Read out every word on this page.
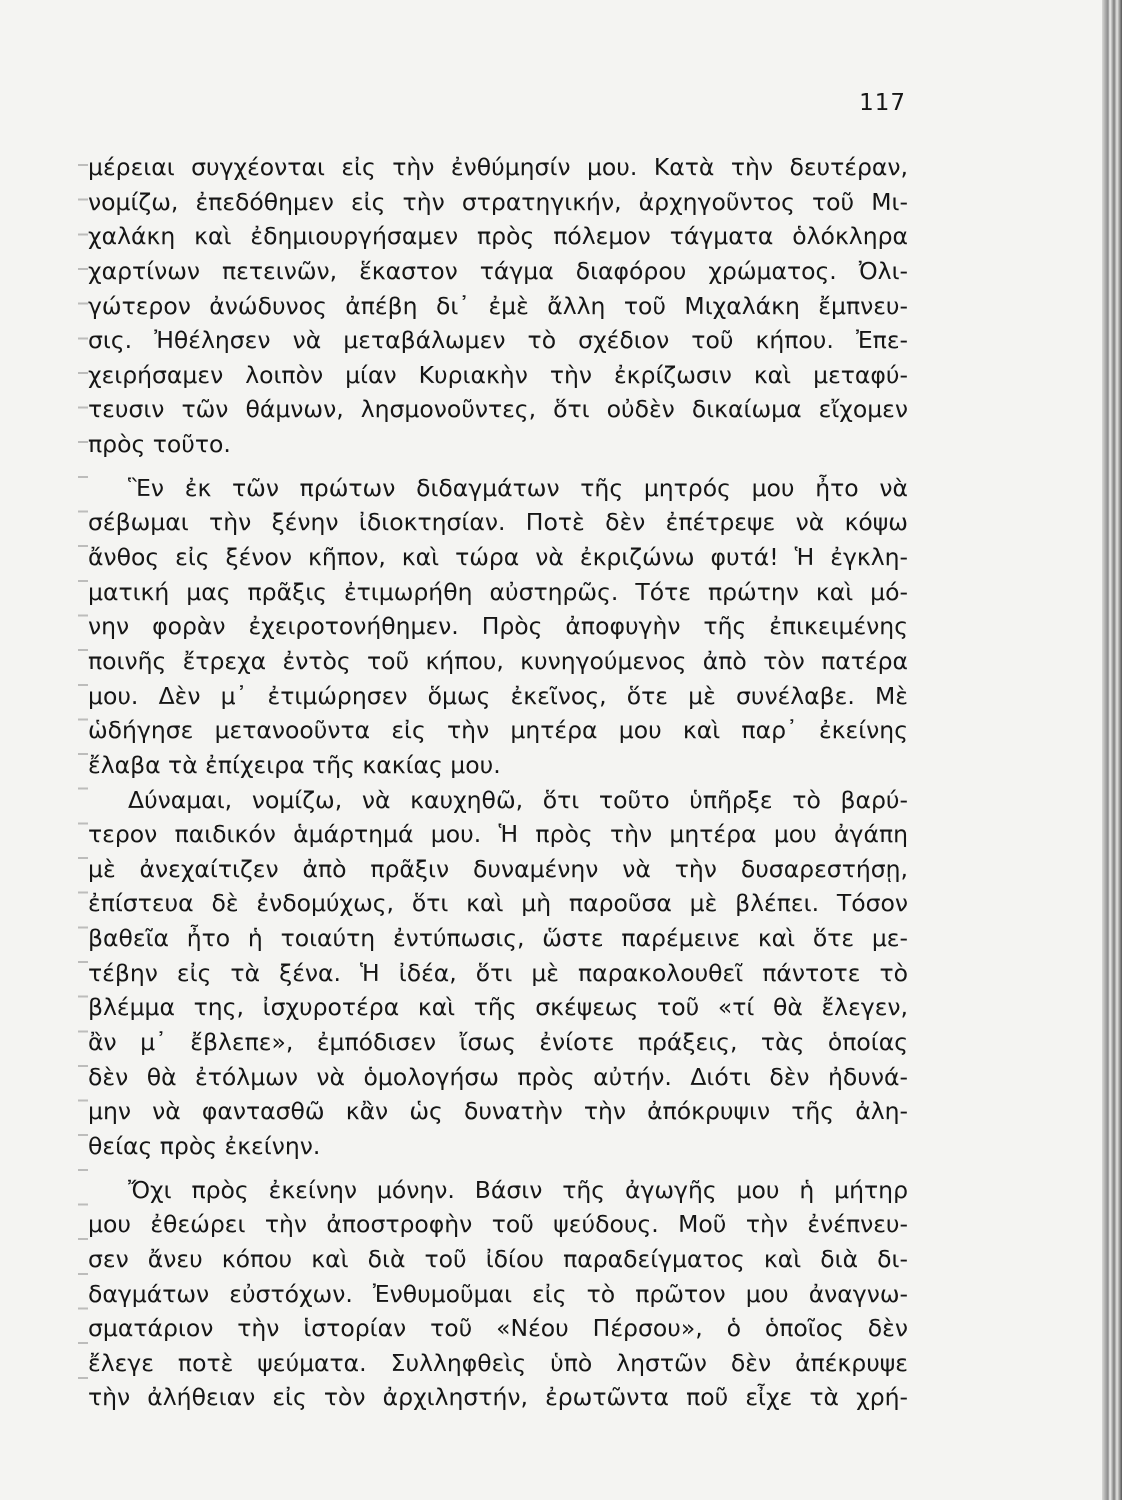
117
μέρειαι συγχέονται εἰς τὴν ἐνθύμησίν μου. Κατὰ τὴν δευτέραν,
νομίζω, ἐπεδόθημεν εἰς τὴν στρατηγικήν, ἀρχηγοῦντος τοῦ Μι-
χαλάκη καὶ ἐδημιουργήσαμεν πρὸς πόλεμον τάγματα ὁλόκληρα
χαρτίνων πετεινῶν, ἕκαστον τάγμα διαφόρου χρώματος. Ὀλι-
γώτερον ἀνώδυνος ἀπέβη δι᾽ ἐμὲ ἄλλη τοῦ Μιχαλάκη ἔμπνευ-
σις. Ἠθέλησεν νὰ μεταβάλωμεν τὸ σχέδιον τοῦ κήπου. Ἐπε-
χειρήσαμεν λοιπὸν μίαν Κυριακὴν τὴν ἐκρίζωσιν καὶ μεταφύ-
τευσιν τῶν θάμνων, λησμονοῦντες, ὅτι οὐδὲν δικαίωμα εἴχομεν
πρὸς τοῦτο.
Ἓν ἐκ τῶν πρώτων διδαγμάτων τῆς μητρός μου ἦτο νὰ
σέβωμαι τὴν ξένην ἰδιοκτησίαν. Ποτὲ δὲν ἐπέτρεψε νὰ κόψω
ἄνθος εἰς ξένον κῆπον, καὶ τώρα νὰ ἐκριζώνω φυτά! Ἡ ἐγκλη-
ματική μας πρᾶξις ἐτιμωρήθη αὐστηρῶς. Τότε πρώτην καὶ μό-
νην φορὰν ἐχειροτονήθημεν. Πρὸς ἀποφυγὴν τῆς ἐπικειμένης
ποινῆς ἔτρεχα ἐντὸς τοῦ κήπου, κυνηγούμενος ἀπὸ τὸν πατέρα
μου. Δὲν μ᾽ ἐτιμώρησεν ὅμως ἐκεῖνος, ὅτε μὲ συνέλαβε. Μὲ
ὡδήγησε μετανοοῦντα εἰς τὴν μητέρα μου καὶ παρ᾽ ἐκείνης
ἔλαβα τὰ ἐπίχειρα τῆς κακίας μου.
Δύναμαι, νομίζω, νὰ καυχηθῶ, ὅτι τοῦτο ὑπῆρξε τὸ βαρύ-
τερον παιδικόν ἁμάρτημά μου. Ἡ πρὸς τὴν μητέρα μου ἀγάπη
μὲ ἀνεχαίτιζεν ἀπὸ πρᾶξιν δυναμένην νὰ τὴν δυσαρεστήσῃ,
ἐπίστευα δὲ ἐνδομύχως, ὅτι καὶ μὴ παροῦσα μὲ βλέπει. Τόσον
βαθεῖα ἦτο ἡ τοιαύτη ἐντύπωσις, ὥστε παρέμεινε καὶ ὅτε με-
τέβην εἰς τὰ ξένα. Ἡ ἰδέα, ὅτι μὲ παρακολουθεῖ πάντοτε τὸ
βλέμμα της, ἰσχυροτέρα καὶ τῆς σκέψεως τοῦ «τί θὰ ἔλεγεν,
ἂν μ᾽ ἔβλεπε», ἐμπόδισεν ἴσως ἐνίοτε πράξεις, τὰς ὁποίας
δὲν θὰ ἐτόλμων νὰ ὁμολογήσω πρὸς αὐτήν. Διότι δὲν ἠδυνά-
μην νὰ φαντασθῶ κἂν ὡς δυνατὴν τὴν ἀπόκρυψιν τῆς ἀλη-
θείας πρὸς ἐκείνην.
Ὄχι πρὸς ἐκείνην μόνην. Βάσιν τῆς ἀγωγῆς μου ἡ μήτηρ
μου ἐθεώρει τὴν ἀποστροφὴν τοῦ ψεύδους. Μοῦ τὴν ἐνέπνευ-
σεν ἄνευ κόπου καὶ διὰ τοῦ ἰδίου παραδείγματος καὶ διὰ δι-
δαγμάτων εὐστόχων. Ἐνθυμοῦμαι εἰς τὸ πρῶτον μου ἀναγνω-
σματάριον τὴν ἱστορίαν τοῦ «Νέου Πέρσου», ὁ ὁποῖος δὲν
ἔλεγε ποτὲ ψεύματα. Συλληφθεὶς ὑπὸ ληστῶν δὲν ἀπέκρυψε
τὴν ἀλήθειαν εἰς τὸν ἀρχιληστήν, ἐρωτῶντα ποῦ εἶχε τὰ χρή-
